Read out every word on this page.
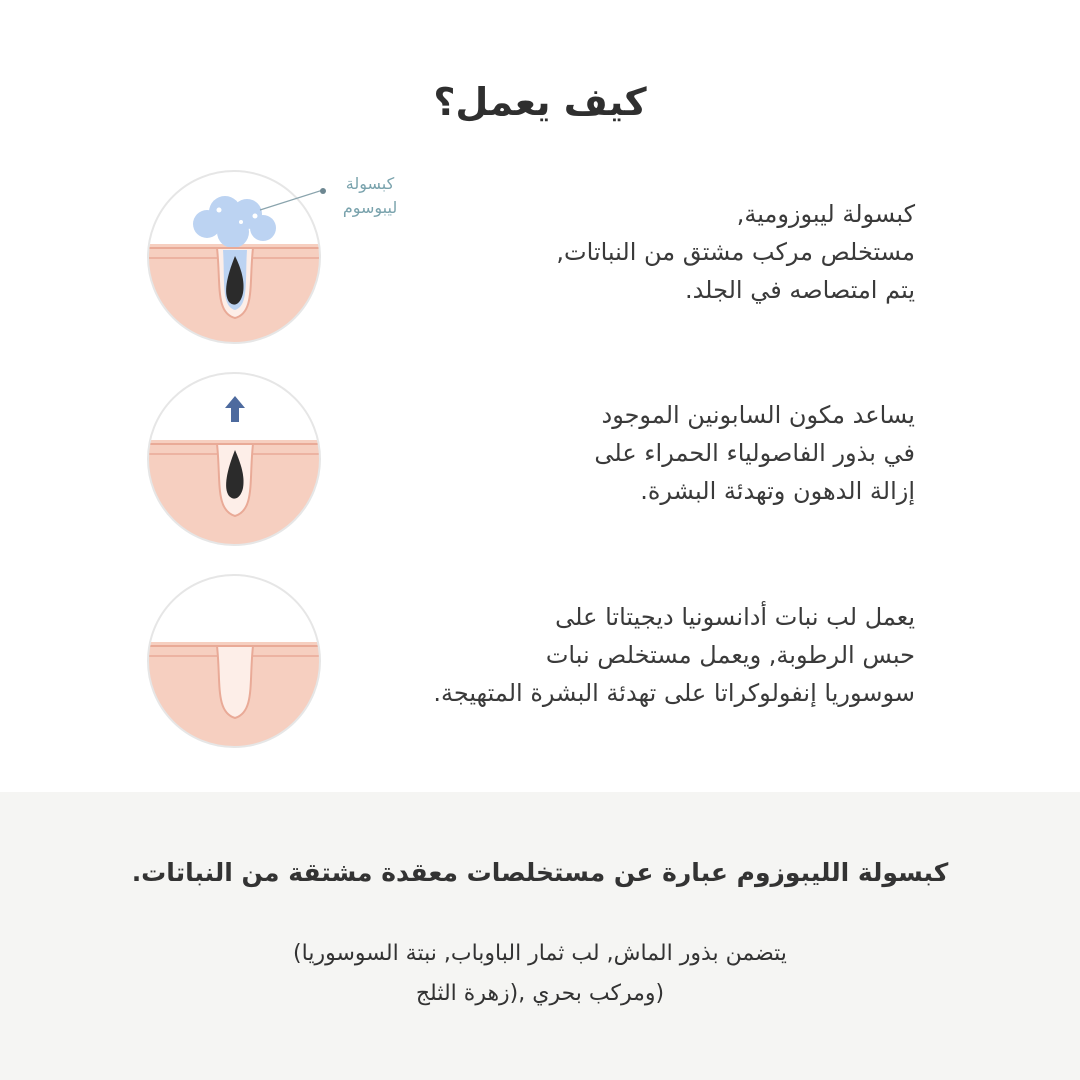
كيف يعمل؟
كبسولة
ليبوسوم	كبسولة ليبوزومية,
مستخلص مركب مشتق من النباتات,
يتم امتصاصه في الجلد.
يساعد مكون السابونين الموجود
في بذور الفاصولياء الحمراء على
إزالة الدهون وتهدئة البشرة.
يعمل لب نبات أدانسونيا ديجيتاتا على
حبس الرطوبة, ويعمل مستخلص نبات
سوسوريا إنفولوكراتا على تهدئة البشرة المتهيجة.
كبسولة الليبوزوم عبارة عن مستخلصات معقدة مشتقة من النباتات.
يتضمن بذور الماش, لب ثمار الباوباب, نبتة السوسوريا)
(ومركب بحري ,(زهرة الثلج
